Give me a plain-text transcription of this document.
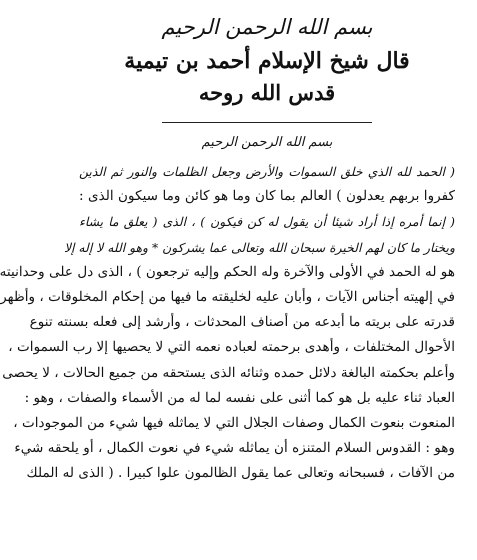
بسم الله الرحمن الرحيم
قال شيخ الإسلام أحمد بن تيمية
قدس الله روحه
بسم الله الرحمن الرحيم
( الحمد لله الذي خلق السموات والأرض وجعل الظلمات والنور ثم الذين
كفروا بربهم يعدلون ) العالم بما كان وما هو كائن وما سيكون الذى :
( إنما أمره إذا أراد شيئا أن يقول له كن فيكون ) ، الذى ( يعلق ما يشاء
ويختار ما كان لهم الخيرة سبحان الله وتعالى عما يشركون * وهو الله لا إله إلا
هو له الحمد في الأولى والآخرة وله الحكم وإليه ترجعون ) ، الذى دل على وحدانيته
في إلهيته أجناس الآيات ، وأبان عليه لخليقته ما فيها من إحكام المخلوقات ، وأظهر
قدرته على بريته ما أبدعه من أصناف المحدثات ، وأرشد إلى فعله بسنته تنوع
الأحوال المختلفات ، وأهدى برحمته لعباده نعمه التي لا يحصيها إلا رب السموات ،
وأعلم بحكمته البالغة دلائل حمده وثنائه الذى يستحقه من جميع الحالات ، لا يحصى
العباد ثناء عليه بل هو كما أثنى على نفسه لما له من الأسماء والصفات ، وهو :
المنعوت بنعوت الكمال وصفات الجلال التي لا يماثله فيها شيء من الموجودات ،
وهو : القدوس السلام المتنزه أن يماثله شيء في نعوت الكمال ، أو يلحقه شيء
من الآفات ، فسبحانه وتعالى عما يقول الظالمون علوا كبيرا . ( الذى له الملك
